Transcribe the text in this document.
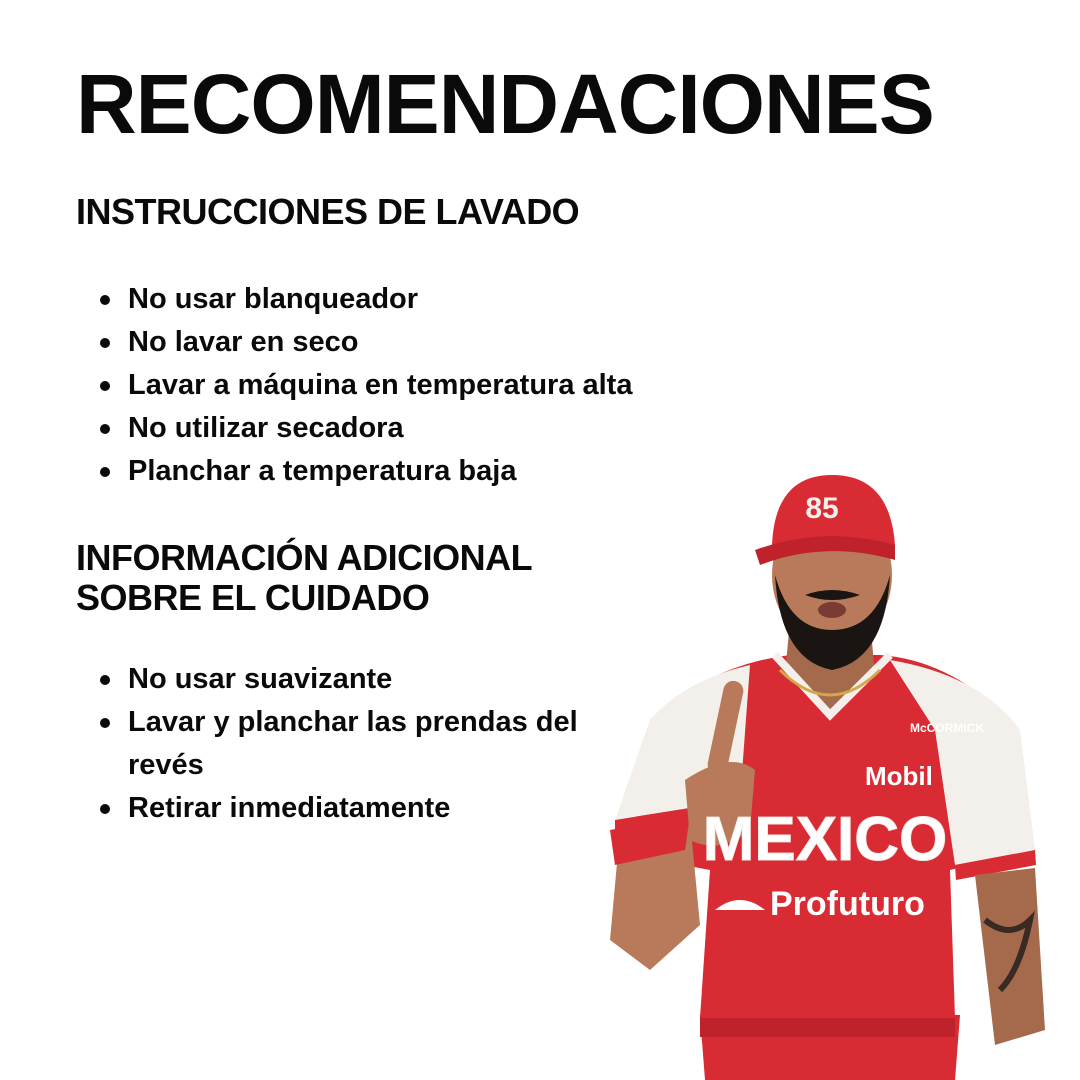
RECOMENDACIONES
INSTRUCCIONES DE LAVADO
No usar blanqueador
No lavar en seco
Lavar a máquina en temperatura alta
No utilizar secadora
Planchar a temperatura baja
INFORMACIÓN ADICIONAL
SOBRE EL CUIDADO
No usar suavizante
Lavar y planchar las prendas del revés
Retirar inmediatamente
85
McCORMICK
Mobil
MEXICO
Profuturo
